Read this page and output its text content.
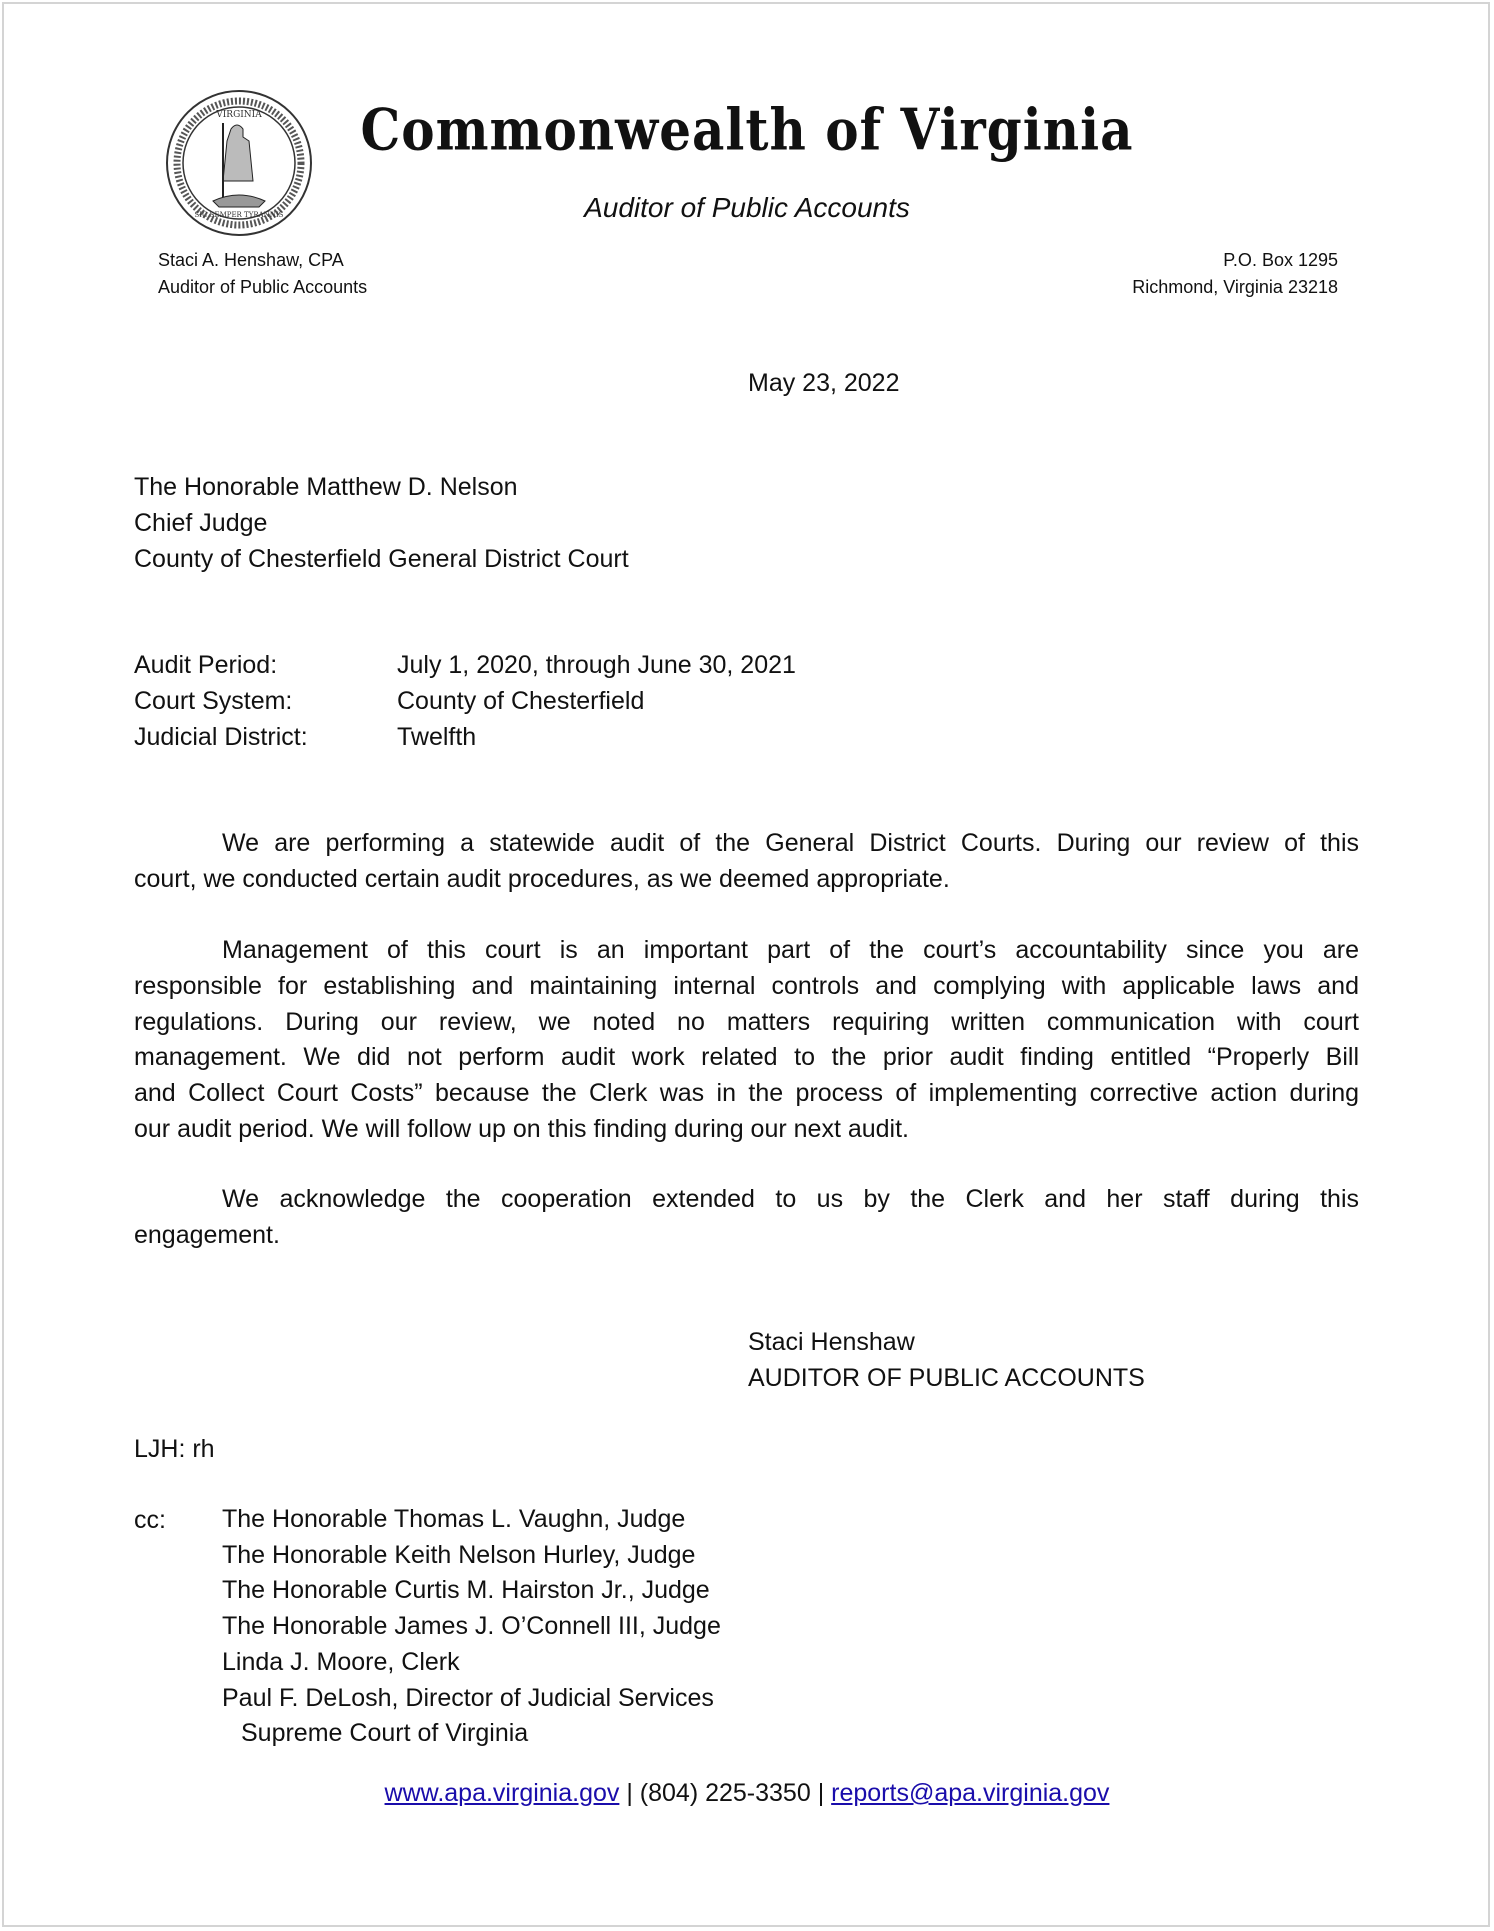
VIRGINIA
SIC SEMPER TYRANNIS
Commonwealth of Virginia
Auditor of Public Accounts
Staci A. Henshaw, CPA
Auditor of Public Accounts
P.O. Box 1295
Richmond, Virginia 23218
May 23, 2022
The Honorable Matthew D. Nelson
Chief Judge
County of Chesterfield General District Court
Audit Period:	July 1, 2020, through June 30, 2021
Court System:	County of Chesterfield
Judicial District:	Twelfth
We are performing a statewide audit of the General District Courts. During our review of this
court, we conducted certain audit procedures, as we deemed appropriate.
Management of this court is an important part of the court’s accountability since you are
responsible for establishing and maintaining internal controls and complying with applicable laws and
regulations. During our review, we noted no matters requiring written communication with court
management. We did not perform audit work related to the prior audit finding entitled “Properly Bill
and Collect Court Costs” because the Clerk was in the process of implementing corrective action during
our audit period. We will follow up on this finding during our next audit.
We acknowledge the cooperation extended to us by the Clerk and her staff during this
engagement.
Staci Henshaw
AUDITOR OF PUBLIC ACCOUNTS
LJH: rh
cc: The Honorable Thomas L. Vaughn, Judge
The Honorable Keith Nelson Hurley, Judge
The Honorable Curtis M. Hairston Jr., Judge
The Honorable James J. O’Connell III, Judge
Linda J. Moore, Clerk
Paul F. DeLosh, Director of Judicial Services
Supreme Court of Virginia
www.apa.virginia.gov | (804) 225-3350 | reports@apa.virginia.gov
